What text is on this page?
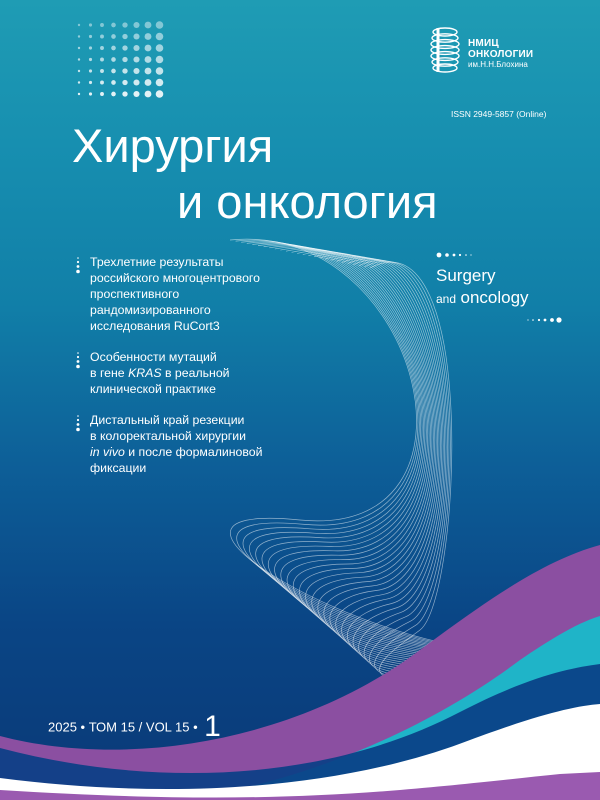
НМИЦ
ОНКОЛОГИИ
им.Н.Н.Блохина
ISSN 2949-5857 (Online)
Хирургия
и онкология
Surgery
and oncology
Трехлетние результаты
российского многоцентрового
проспективного
рандомизированного
исследования RuCort3
Особенности мутаций
в гене KRAS в реальной
клинической практике
Дистальный край резекции
в колоректальной хирургии
in vivo и после формалиновой
фиксации
2025 • ТОМ 15 / VOL 15 • 1
